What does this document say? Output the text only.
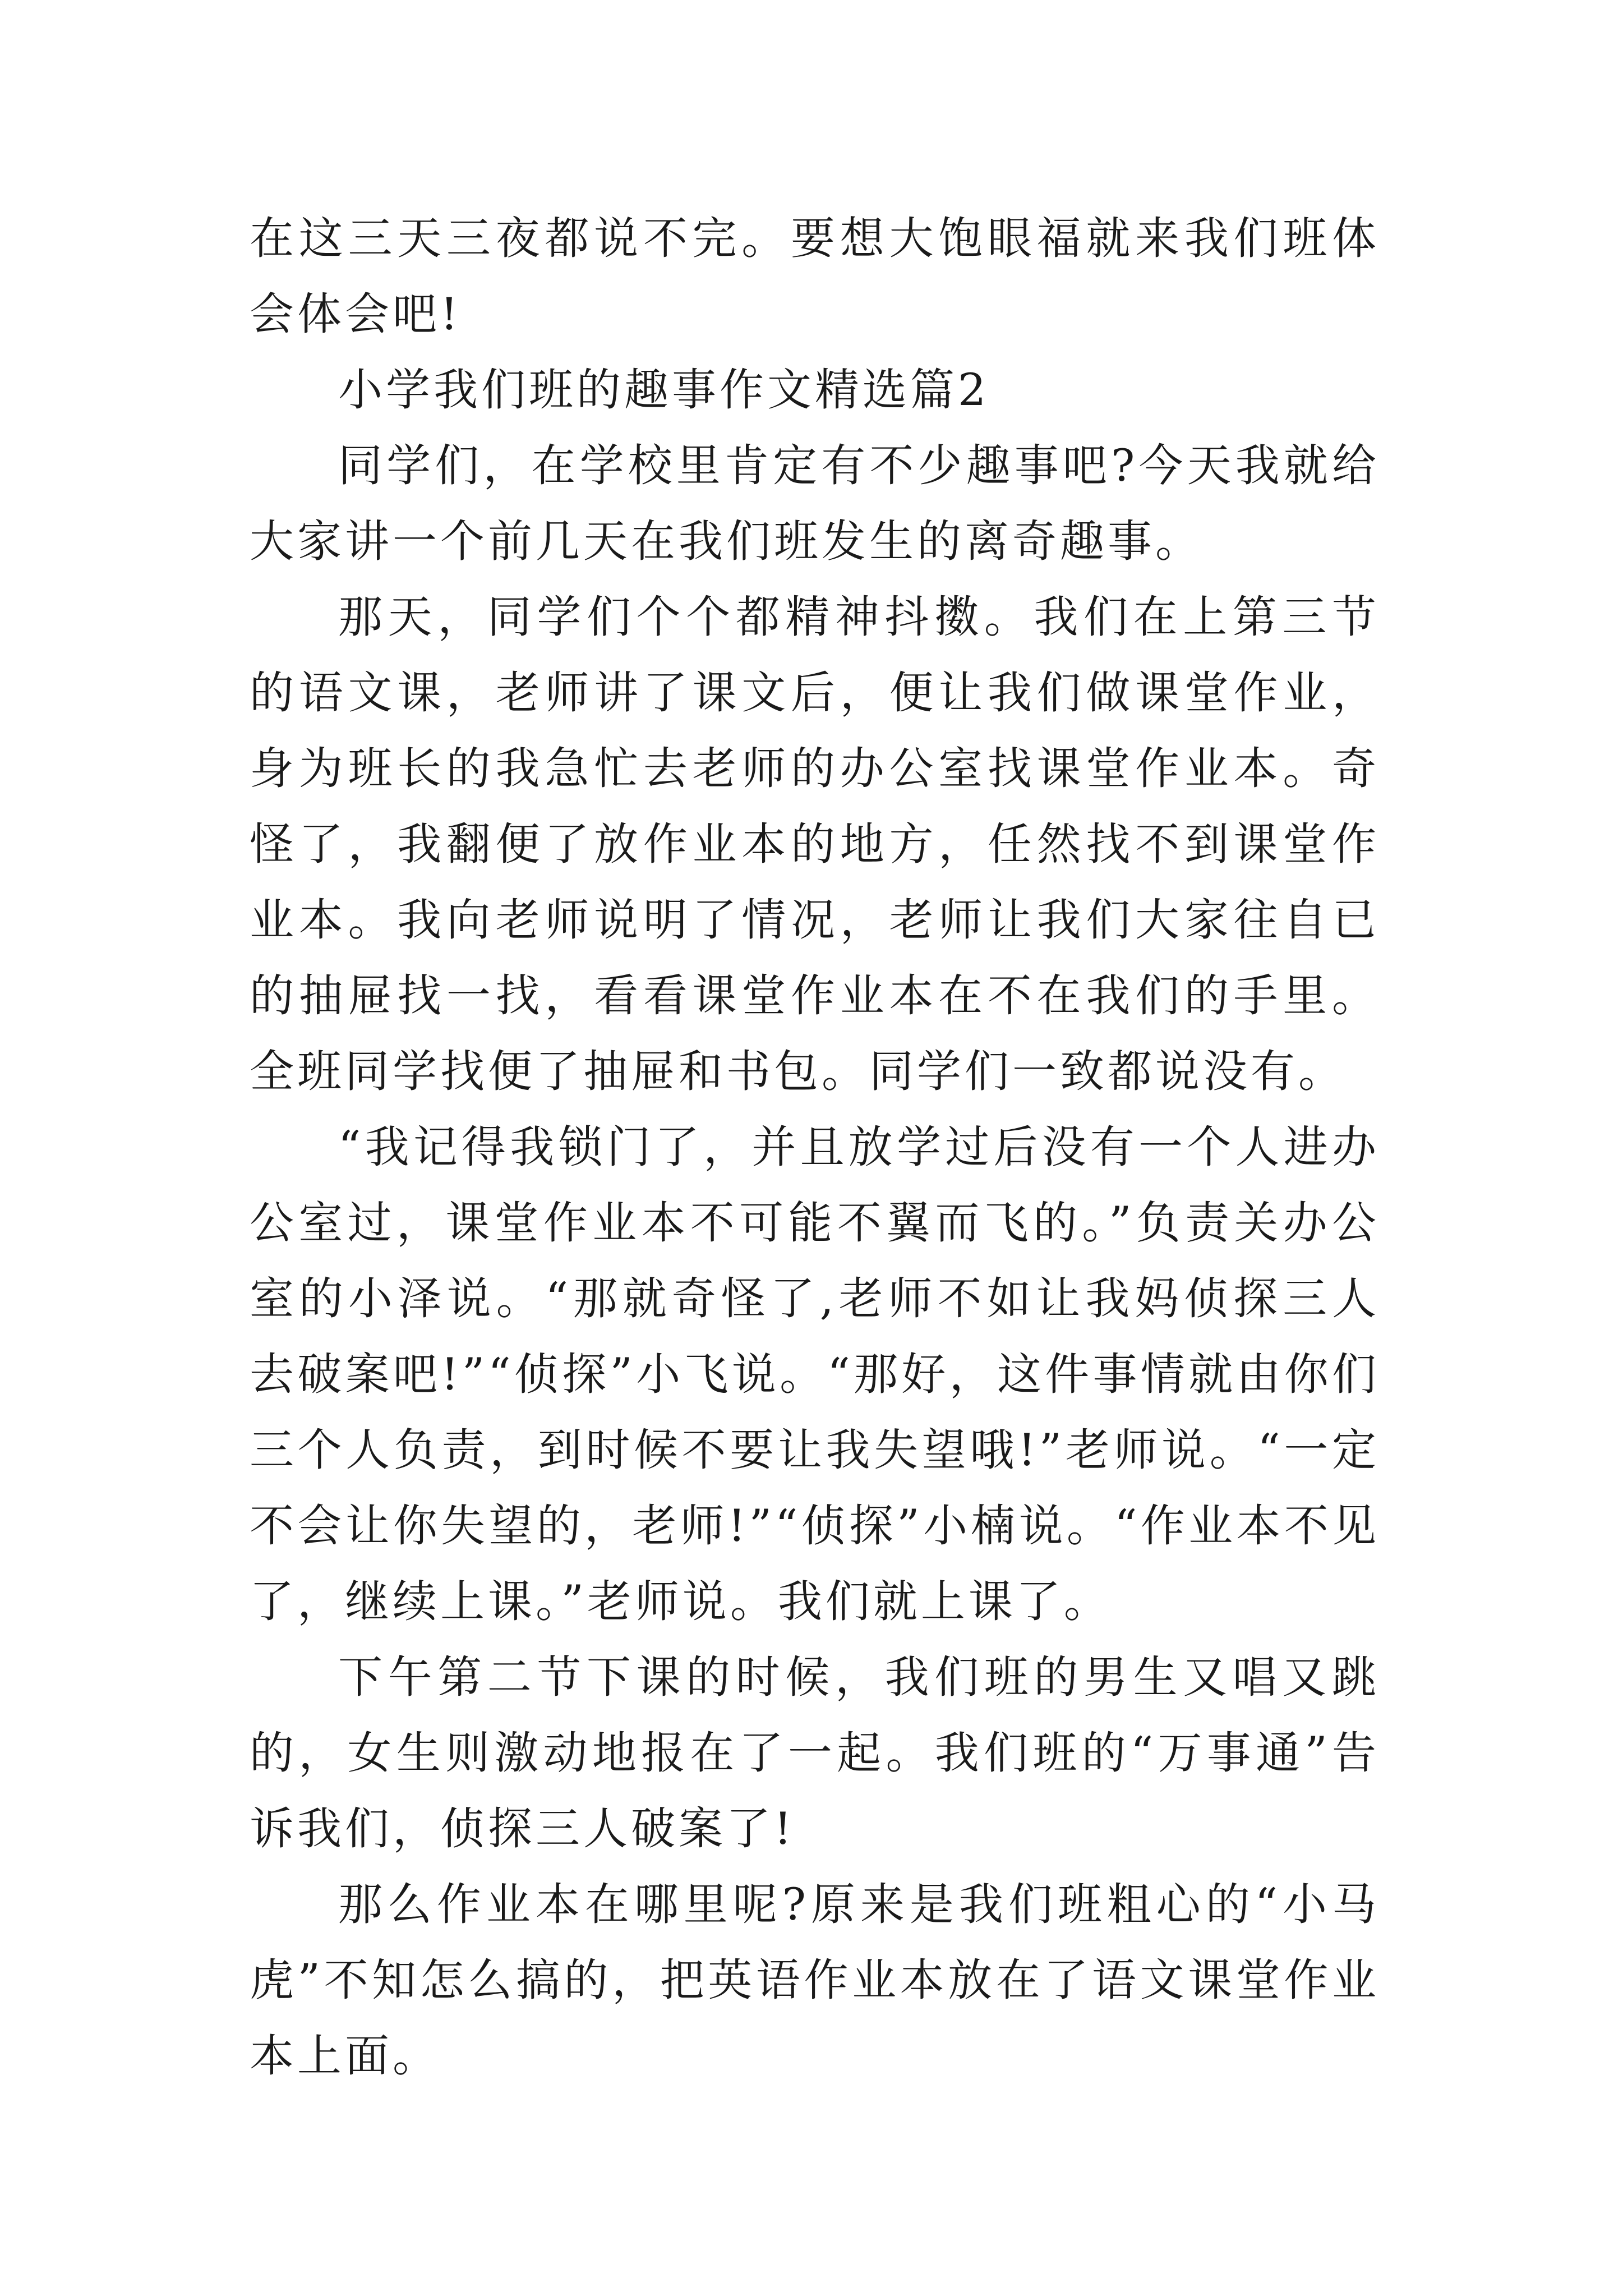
在这三天三夜都说不完。要想大饱眼福就来我们班体会体会吧!

小学我们班的趣事作文精选篇2

同学们，在学校里肯定有不少趣事吧?今天我就给大家讲一个前几天在我们班发生的离奇趣事。

那天，同学们个个都精神抖擞。我们在上第三节的语文课，老师讲了课文后，便让我们做课堂作业，身为班长的我急忙去老师的办公室找课堂作业本。奇怪了，我翻便了放作业本的地方，任然找不到课堂作业本。我向老师说明了情况，老师让我们大家往自已的抽屉找一找，看看课堂作业本在不在我们的手里。全班同学找便了抽屉和书包。同学们一致都说没有。

“我记得我锁门了，并且放学过后没有一个人进办公室过，课堂作业本不可能不翼而飞的。”负责关办公室的小泽说。“那就奇怪了,老师不如让我妈侦探三人去破案吧!”“侦探”小飞说。“那好，这件事情就由你们三个人负责，到时候不要让我失望哦!”老师说。“一定不会让你失望的，老师!”“侦探”小楠说。“作业本不见了，继续上课。”老师说。我们就上课了。

下午第二节下课的时候，我们班的男生又唱又跳的，女生则激动地报在了一起。我们班的“万事通”告诉我们，侦探三人破案了!

那么作业本在哪里呢?原来是我们班粗心的“小马虎”不知怎么搞的，把英语作业本放在了语文课堂作业本上面。
